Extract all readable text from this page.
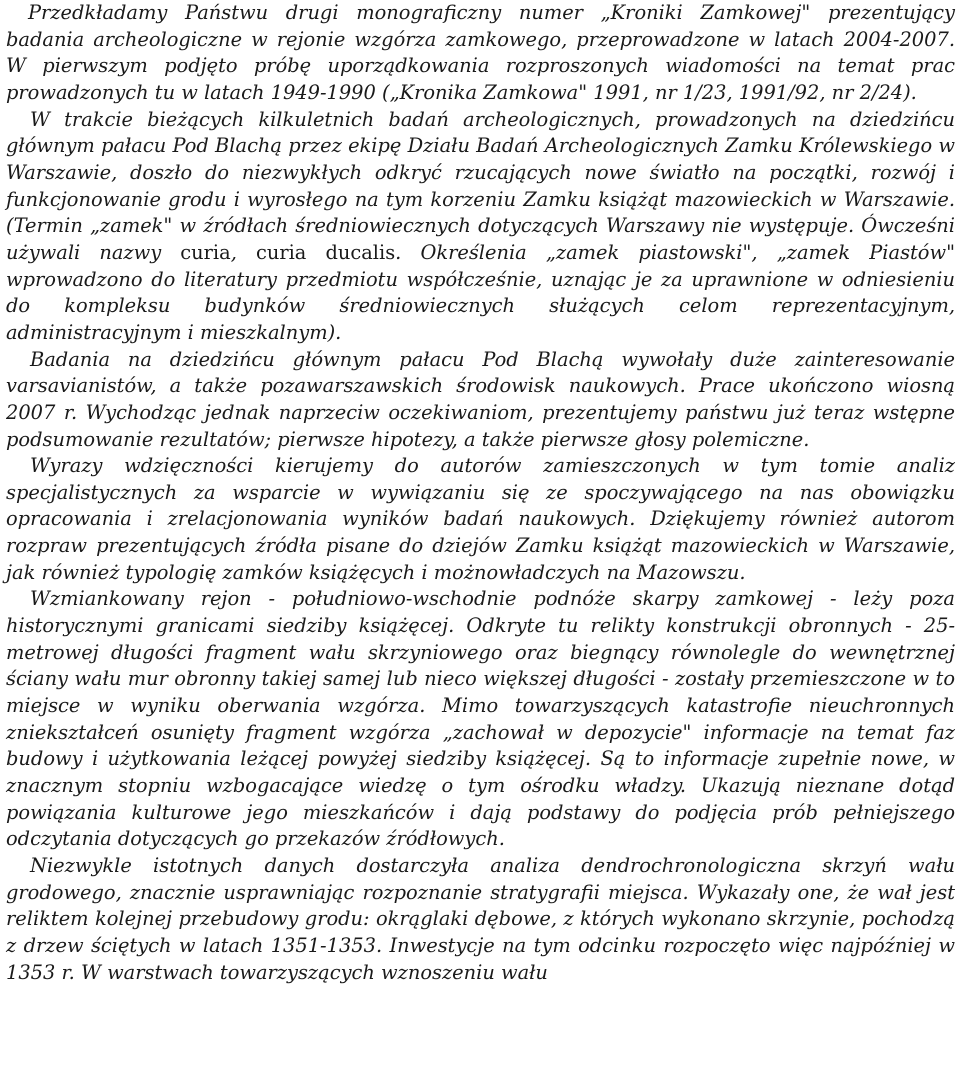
Przedkładamy Państwu drugi monograficzny numer „Kroniki Zamkowej" prezentujący badania archeologiczne w rejonie wzgórza zamkowego, przeprowadzone w latach 2004-2007. W pierwszym podjęto próbę uporządkowania rozproszonych wiadomości na temat prac prowadzonych tu w latach 1949-1990 („Kronika Zamkowa" 1991, nr 1/23, 1991/92, nr 2/24).

W trakcie bieżących kilkuletnich badań archeologicznych, prowadzonych na dziedzińcu głównym pałacu Pod Blachą przez ekipę Działu Badań Archeologicznych Zamku Królewskiego w Warszawie, doszło do niezwykłych odkryć rzucających nowe światło na początki, rozwój i funkcjonowanie grodu i wyrosłego na tym korzeniu Zamku książąt mazowieckich w Warszawie. (Termin „zamek" w źródłach średniowiecznych dotyczących Warszawy nie występuje. Ówcześni używali nazwy curia, curia ducalis. Określenia „zamek piastowski", „zamek Piastów" wprowadzono do literatury przedmiotu współcześnie, uznając je za uprawnione w odniesieniu do kompleksu budynków średniowiecznych służących celom reprezentacyjnym, administracyjnym i mieszkalnym).

Badania na dziedzińcu głównym pałacu Pod Blachą wywołały duże zainteresowanie varsavianistów, a także pozawarszawskich środowisk naukowych. Prace ukończono wiosną 2007 r. Wychodząc jednak naprzeciw oczekiwaniom, prezentujemy państwu już teraz wstępne podsumowanie rezultatów; pierwsze hipotezy, a także pierwsze głosy polemiczne.

Wyrazy wdzięczności kierujemy do autorów zamieszczonych w tym tomie analiz specjalistycznych za wsparcie w wywiązaniu się ze spoczywającego na nas obowiązku opracowania i zrelacjonowania wyników badań naukowych. Dziękujemy również autorom rozpraw prezentujących źródła pisane do dziejów Zamku książąt mazowieckich w Warszawie, jak również typologię zamków książęcych i możnowładczych na Mazowszu.

Wzmiankowany rejon - południowo-wschodnie podnóże skarpy zamkowej - leży poza historycznymi granicami siedziby książęcej. Odkryte tu relikty konstrukcji obronnych - 25-metrowej długości fragment wału skrzyniowego oraz biegnący równolegle do wewnętrznej ściany wału mur obronny takiej samej lub nieco większej długości - zostały przemieszczone w to miejsce w wyniku oberwania wzgórza. Mimo towarzyszących katastrofie nieuchronnych zniekształceń osunięty fragment wzgórza „zachował w depozycie" informacje na temat faz budowy i użytkowania leżącej powyżej siedziby książęcej. Są to informacje zupełnie nowe, w znacznym stopniu wzbogacające wiedzę o tym ośrodku władzy. Ukazują nieznane dotąd powiązania kulturowe jego mieszkańców i dają podstawy do podjęcia prób pełniejszego odczytania dotyczących go przekazów źródłowych.

Niezwykle istotnych danych dostarczyła analiza dendrochronologiczna skrzyń wału grodowego, znacznie usprawniając rozpoznanie stratygrafii miejsca. Wykazały one, że wał jest reliktem kolejnej przebudowy grodu: okrąglaki dębowe, z których wykonano skrzynie, pochodzą z drzew ściętych w latach 1351-1353. Inwestycje na tym odcinku rozpoczęto więc najpóźniej w 1353 r. W warstwach towarzyszących wznoszeniu wału
